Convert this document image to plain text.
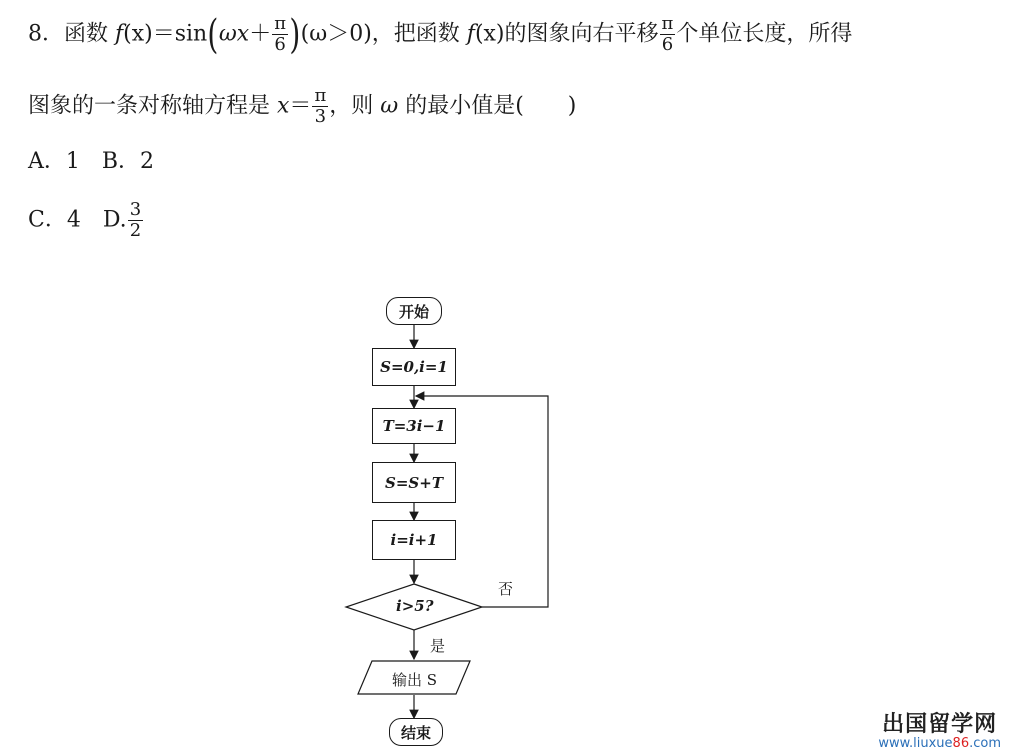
8．函数 $f(x)=\sin(\omega x+ \frac{\pi}{6} )(\omega>0)$，把函数 f(x)的图象向右平移 $\frac{\pi}{6}$ 个单位长度，所得
图象的一条对称轴方程是 $x= \frac{\pi}{3}$ ，则 ω 的最小值是(　　)
A．1　B．2
C．4　D. $\frac{3}{2}$
开始
S=0,i=1
T=3i−1
S=S+T
i=i+1
i>5?
否
是
输出 S
结束	出国留学网
www.liuxue86.com
